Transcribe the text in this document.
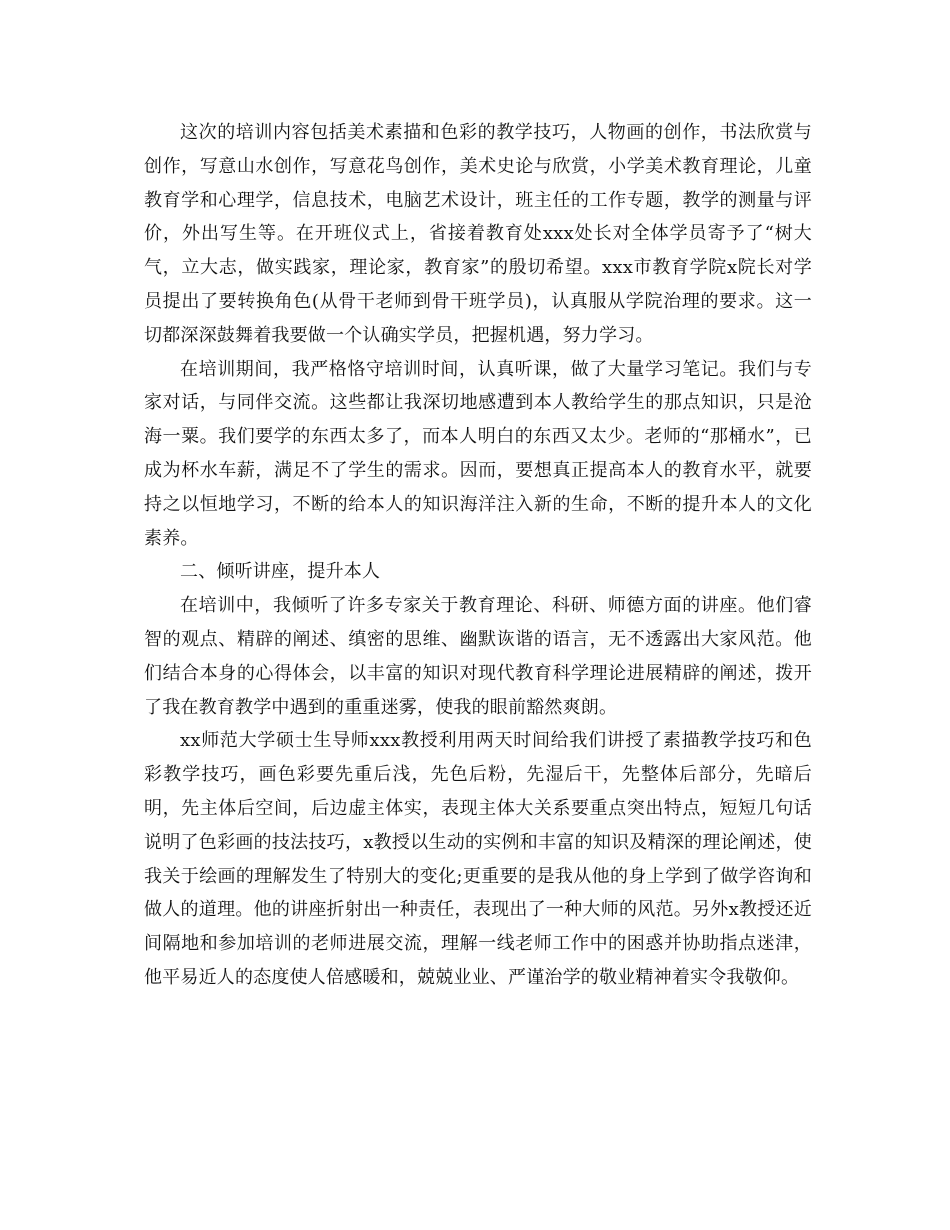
这次的培训内容包括美术素描和色彩的教学技巧，人物画的创作，书法欣赏与创作，写意山水创作，写意花鸟创作，美术史论与欣赏，小学美术教育理论，儿童教育学和心理学，信息技术，电脑艺术设计，班主任的工作专题，教学的测量与评价，外出写生等。在开班仪式上，省接着教育处xxx处长对全体学员寄予了“树大气，立大志，做实践家，理论家，教育家”的殷切希望。xxx市教育学院x院长对学员提出了要转换角色(从骨干老师到骨干班学员)，认真服从学院治理的要求。这一切都深深鼓舞着我要做一个认确实学员，把握机遇，努力学习。

在培训期间，我严格恪守培训时间，认真听课，做了大量学习笔记。我们与专家对话，与同伴交流。这些都让我深切地感遭到本人教给学生的那点知识，只是沧海一粟。我们要学的东西太多了，而本人明白的东西又太少。老师的“那桶水”，已成为杯水车薪，满足不了学生的需求。因而，要想真正提高本人的教育水平，就要持之以恒地学习，不断的给本人的知识海洋注入新的生命，不断的提升本人的文化素养。

二、倾听讲座，提升本人

在培训中，我倾听了许多专家关于教育理论、科研、师德方面的讲座。他们睿智的观点、精辟的阐述、缜密的思维、幽默诙谐的语言，无不透露出大家风范。他们结合本身的心得体会，以丰富的知识对现代教育科学理论进展精辟的阐述，拨开了我在教育教学中遇到的重重迷雾，使我的眼前豁然爽朗。

xx师范大学硕士生导师xxx教授利用两天时间给我们讲授了素描教学技巧和色彩教学技巧，画色彩要先重后浅，先色后粉，先湿后干，先整体后部分，先暗后明，先主体后空间，后边虚主体实，表现主体大关系要重点突出特点，短短几句话说明了色彩画的技法技巧，x教授以生动的实例和丰富的知识及精深的理论阐述，使我关于绘画的理解发生了特别大的变化;更重要的是我从他的身上学到了做学咨询和做人的道理。他的讲座折射出一种责任，表现出了一种大师的风范。另外x教授还近间隔地和参加培训的老师进展交流，理解一线老师工作中的困惑并协助指点迷津，他平易近人的态度使人倍感暖和，兢兢业业、严谨治学的敬业精神着实令我敬仰。
